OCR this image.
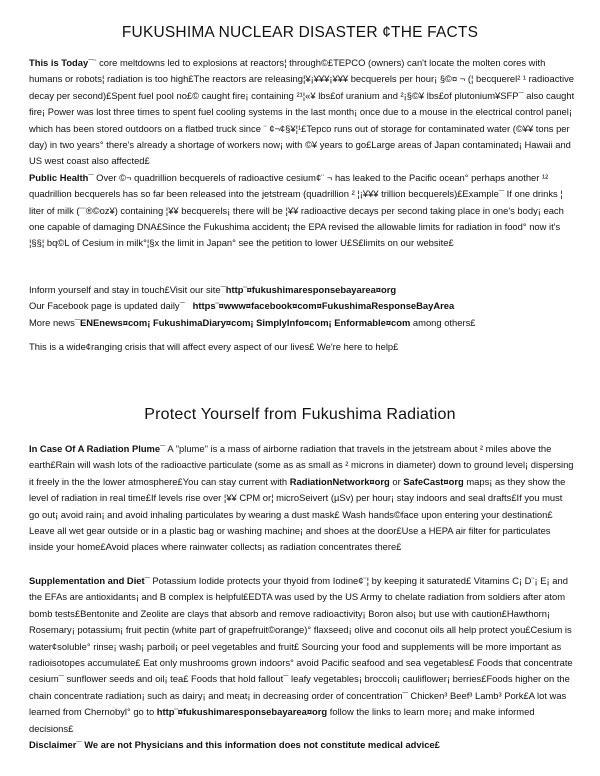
FUKUSHIMA NUCLEAR DISASTER ¢THE FACTS

This is Today¯¨ core meltdowns led to explosions at reactors¦ through©£TEPCO (owners) can't locate the molten cores with humans or robots¦ radiation is too high£The reactors are releasing¦¥¡¥¥¥¡¥¥¥ becquerels per hour¡ §©¤ ¬ (¦ becquerel² ¹ radioactive decay per second)£Spent fuel pool no£© caught fire¡ containing ²¹¦«¥ lbs£of uranium and ²¡§©¥ lbs£of plutonium¥SFP¯ also caught fire¡ Power was lost three times to spent fuel cooling systems in the last month¡ once due to a mouse in the electrical control panel¡ which has been stored outdoors on a flatbed truck since ¨ ¢¬¢§¥¦¹£Tepco runs out of storage for contaminated water (©¥¥ tons per day) in two years° there's already a shortage of workers now¡ with ©¥ years to go£Large areas of Japan contaminated¡ Hawaii and US west coast also affected£

Public Health¯ Over ©¬ quadrillion becquerels of radioactive cesium¢¨ ¬ has leaked to the Pacific ocean° perhaps another ¹² quadrillion becquerels has so far been released into the jetstream (quadrillion ² ¦¡¥¥¥ trillion becquerels)£Example¯ If one drinks ¦ liter of milk (¨¨®©oz¥) containing ¦¥¥ becquerels¡ there will be ¦¥¥ radioactive decays per second taking place in one's body¡ each one capable of damaging DNA£Since the Fukushima accident¡ the EPA revised the allowable limits for radiation in food° now it's ¦§§¦ bq©L of Cesium in milk°¦§x the limit in Japan° see the petition to lower U£S£limits on our website£

Inform yourself and stay in touch£Visit our site¯http¨¤fukushimaresponsebayarea¤org

Our Facebook page is updated daily¯ https¨¤www¤facebook¤com¤FukushimaResponseBayArea

More news¯ENEnews¤com¡ FukushimaDiary¤com¡ SimplyInfo¤com¡ Enformable¤com among others£

This is a wide¢ranging crisis that will affect every aspect of our lives£ We're here to help£

Protect Yourself from Fukushima Radiation

In Case Of A Radiation Plume¯ A "plume" is a mass of airborne radiation that travels in the jetstream about ² miles above the earth£Rain will wash lots of the radioactive particulate (some as as small as ² microns in diameter) down to ground level¡ dispersing it freely in the the lower atmosphere£You can stay current with RadiationNetwork¤org or SafeCast¤org maps¡ as they show the level of radiation in real time£If levels rise over ¦¥¥ CPM or¦ microSeivert (µSv) per hour¡ stay indoors and seal drafts£If you must go out¡ avoid rain¡ and avoid inhaling particulates by wearing a dust mask£ Wash hands©face upon entering your destination£ Leave all wet gear outside or in a plastic bag or washing machine¡ and shoes at the door£Use a HEPA air filter for particulates inside your home£Avoid places where rainwater collects¡ as radiation concentrates there£

Supplementation and Diet¯ Potassium Iodide protects your thyoid from Iodine¢¨¦ by keeping it saturated£ Vitamins C¡ D¨¡ E¡ and the EFAs are antioxidants¡ and B complex is helpful£EDTA was used by the US Army to chelate radiation from soldiers after atom bomb tests£Bentonite and Zeolite are clays that absorb and remove radioactivity¡ Boron also¡ but use with caution£Hawthorn¡ Rosemary¡ potassium¡ fruit pectin (white part of grapefruit©orange)° flaxseed¡ olive and coconut oils all help protect you£Cesium is water¢soluble° rinse¡ wash¡ parboil¡ or peel vegetables and fruit£ Sourcing your food and supplements will be more important as radioisotopes accumulate£ Eat only mushrooms grown indoors° avoid Pacific seafood and sea vegetables£ Foods that concentrate cesium¯ sunflower seeds and oil¡ tea£ Foods that hold fallout¯ leafy vegetables¡ broccoli¡ cauliflower¡ berries£Foods higher on the chain concentrate radiation¡ such as dairy¡ and meat¡ in decreasing order of concentration¯ Chicken³ Beef³ Lamb³ Pork£A lot was learned from Chernobyl° go to http¨¤fukushimaresponsebayarea¤org follow the links to learn more¡ and make informed decisions£

Disclaimer¯ We are not Physicians and this information does not constitute medical advice£
